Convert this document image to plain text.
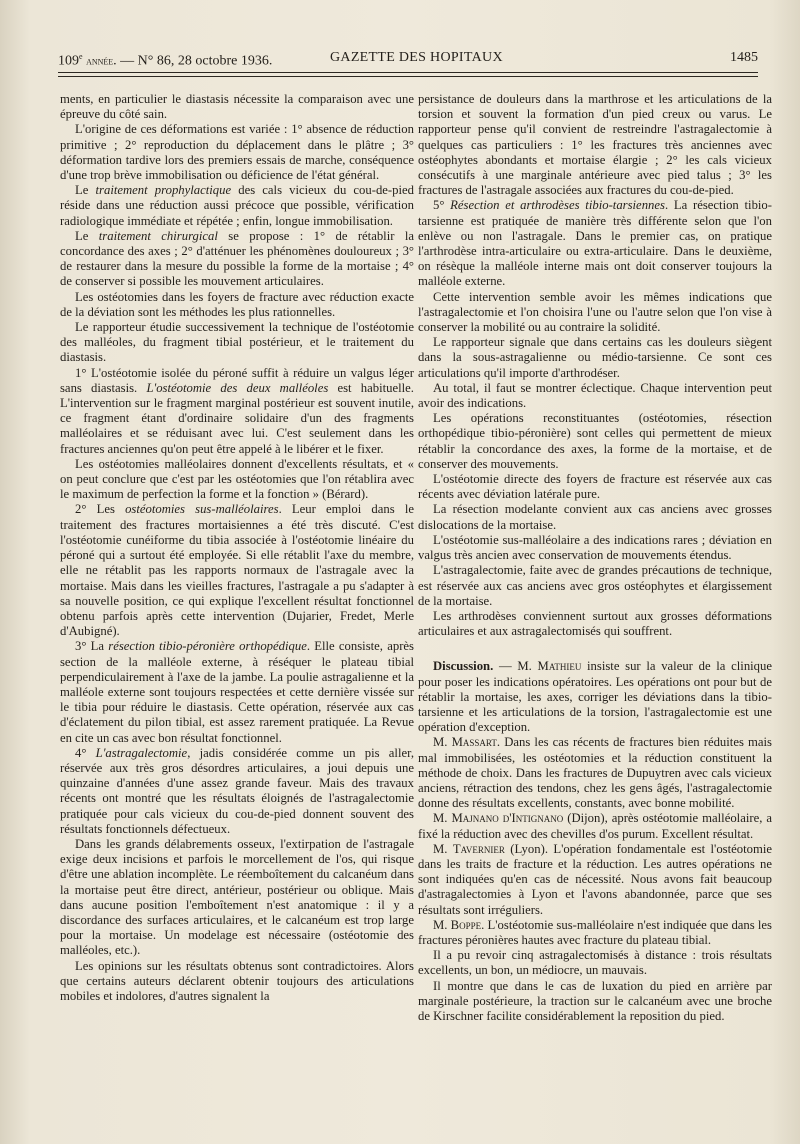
109e année. — N° 86, 28 octobre 1936.	GAZETTE DES HOPITAUX	1485

ments, en particulier le diastasis nécessite la comparaison avec une épreuve du côté sain.

L'origine de ces déformations est variée : 1° absence de réduction primitive ; 2° reproduction du déplacement dans le plâtre ; 3° déformation tardive lors des premiers essais de marche, conséquence d'une trop brève immobilisation ou déficience de l'état général.

Le traitement prophylactique des cals vicieux du cou-de-pied réside dans une réduction aussi précoce que possible, vérification radiologique immédiate et répétée ; enfin, longue immobilisation.

Le traitement chirurgical se propose : 1° de rétablir la concordance des axes ; 2° d'atténuer les phénomènes douloureux ; 3° de restaurer dans la mesure du possible la forme de la mortaise ; 4° de conserver si possible les mouvement articulaires.

Les ostéotomies dans les foyers de fracture avec réduction exacte de la déviation sont les méthodes les plus rationnelles.

Le rapporteur étudie successivement la technique de l'ostéotomie des malléoles, du fragment tibial postérieur, et le traitement du diastasis.

1° L'ostéotomie isolée du péroné suffit à réduire un valgus léger sans diastasis. L'ostéotomie des deux malléoles est habituelle. L'intervention sur le fragment marginal postérieur est souvent inutile, ce fragment étant d'ordinaire solidaire d'un des fragments malléolaires et se réduisant avec lui. C'est seulement dans les fractures anciennes qu'on peut être appelé à le libérer et le fixer.

Les ostéotomies malléolaires donnent d'excellents résultats, et « on peut conclure que c'est par les ostéotomies que l'on rétablira avec le maximum de perfection la forme et la fonction » (Bérard).

2° Les ostéotomies sus-malléolaires. Leur emploi dans le traitement des fractures mortaisiennes a été très discuté. C'est l'ostéotomie cunéiforme du tibia associée à l'ostéotomie linéaire du péroné qui a surtout été employée. Si elle rétablit l'axe du membre, elle ne rétablit pas les rapports normaux de l'astragale avec la mortaise. Mais dans les vieilles fractures, l'astragale a pu s'adapter à sa nouvelle position, ce qui explique l'excellent résultat fonctionnel obtenu parfois après cette intervention (Dujarier, Fredet, Merle d'Aubigné).

3° La résection tibio-péronière orthopédique. Elle consiste, après section de la malléole externe, à réséquer le plateau tibial perpendiculairement à l'axe de la jambe. La poulie astragalienne et la malléole externe sont toujours respectées et cette dernière vissée sur le tibia pour réduire le diastasis. Cette opération, réservée aux cas d'éclatement du pilon tibial, est assez rarement pratiquée. La Revue en cite un cas avec bon résultat fonctionnel.

4° L'astragalectomie, jadis considérée comme un pis aller, réservée aux très gros désordres articulaires, a joui depuis une quinzaine d'années d'une assez grande faveur. Mais des travaux récents ont montré que les résultats éloignés de l'astragalectomie pratiquée pour cals vicieux du cou-de-pied donnent souvent des résultats fonctionnels défectueux.

Dans les grands délabrements osseux, l'extirpation de l'astragale exige deux incisions et parfois le morcellement de l'os, qui risque d'être une ablation incomplète. Le réemboîtement du calcanéum dans la mortaise peut être direct, antérieur, postérieur ou oblique. Mais dans aucune position l'emboîtement n'est anatomique : il y a discordance des surfaces articulaires, et le calcanéum est trop large pour la mortaise. Un modelage est nécessaire (ostéotomie des malléoles, etc.).

Les opinions sur les résultats obtenus sont contradictoires. Alors que certains auteurs déclarent obtenir toujours des articulations mobiles et indolores, d'autres signalent la

persistance de douleurs dans la marthrose et les articulations de la torsion et souvent la formation d'un pied creux ou varus. Le rapporteur pense qu'il convient de restreindre l'astragalectomie à quelques cas particuliers : 1° les fractures très anciennes avec ostéophytes abondants et mortaise élargie ; 2° les cals vicieux consécutifs à une marginale antérieure avec pied talus ; 3° les fractures de l'astragale associées aux fractures du cou-de-pied.

5° Résection et arthrodèses tibio-tarsiennes. La résection tibio-tarsienne est pratiquée de manière très différente selon que l'on enlève ou non l'astragale. Dans le premier cas, on pratique l'arthrodèse intra-articulaire ou extra-articulaire. Dans le deuxième, on résèque la malléole interne mais ont doit conserver toujours la malléole externe.

Cette intervention semble avoir les mêmes indications que l'astragalectomie et l'on choisira l'une ou l'autre selon que l'on vise à conserver la mobilité ou au contraire la solidité.

Le rapporteur signale que dans certains cas les douleurs siègent dans la sous-astragalienne ou médio-tarsienne. Ce sont ces articulations qu'il importe d'arthrodéser.

Au total, il faut se montrer éclectique. Chaque intervention peut avoir des indications.

Les opérations reconstituantes (ostéotomies, résection orthopédique tibio-péronière) sont celles qui permettent de mieux rétablir la concordance des axes, la forme de la mortaise, et de conserver des mouvements.

L'ostéotomie directe des foyers de fracture est réservée aux cas récents avec déviation latérale pure.

La résection modelante convient aux cas anciens avec grosses dislocations de la mortaise.

L'ostéotomie sus-malléolaire a des indications rares ; déviation en valgus très ancien avec conservation de mouvements étendus.

L'astragalectomie, faite avec de grandes précautions de technique, est réservée aux cas anciens avec gros ostéophytes et élargissement de la mortaise.

Les arthrodèses conviennent surtout aux grosses déformations articulaires et aux astragalectomisés qui souffrent.

Discussion. — M. Mathieu insiste sur la valeur de la clinique pour poser les indications opératoires. Les opérations ont pour but de rétablir la mortaise, les axes, corriger les déviations dans la tibio-tarsienne et les articulations de la torsion, l'astragalectomie est une opération d'exception.

M. Massart. Dans les cas récents de fractures bien réduites mais mal immobilisées, les ostéotomies et la réduction constituent la méthode de choix. Dans les fractures de Dupuytren avec cals vicieux anciens, rétraction des tendons, chez les gens âgés, l'astragalectomie donne des résultats excellents, constants, avec bonne mobilité.

M. Majnano d'Intignano (Dijon), après ostéotomie malléolaire, a fixé la réduction avec des chevilles d'os purum. Excellent résultat.

M. Tavernier (Lyon). L'opération fondamentale est l'ostéotomie dans les traits de fracture et la réduction. Les autres opérations ne sont indiquées qu'en cas de nécessité. Nous avons fait beaucoup d'astragalectomies à Lyon et l'avons abandonnée, parce que ses résultats sont irréguliers.

M. Boppe. L'ostéotomie sus-malléolaire n'est indiquée que dans les fractures péronières hautes avec fracture du plateau tibial.

Il a pu revoir cinq astragalectomisés à distance : trois résultats excellents, un bon, un médiocre, un mauvais.

Il montre que dans le cas de luxation du pied en arrière par marginale postérieure, la traction sur le calcanéum avec une broche de Kirschner facilite considérablement la reposition du pied.
